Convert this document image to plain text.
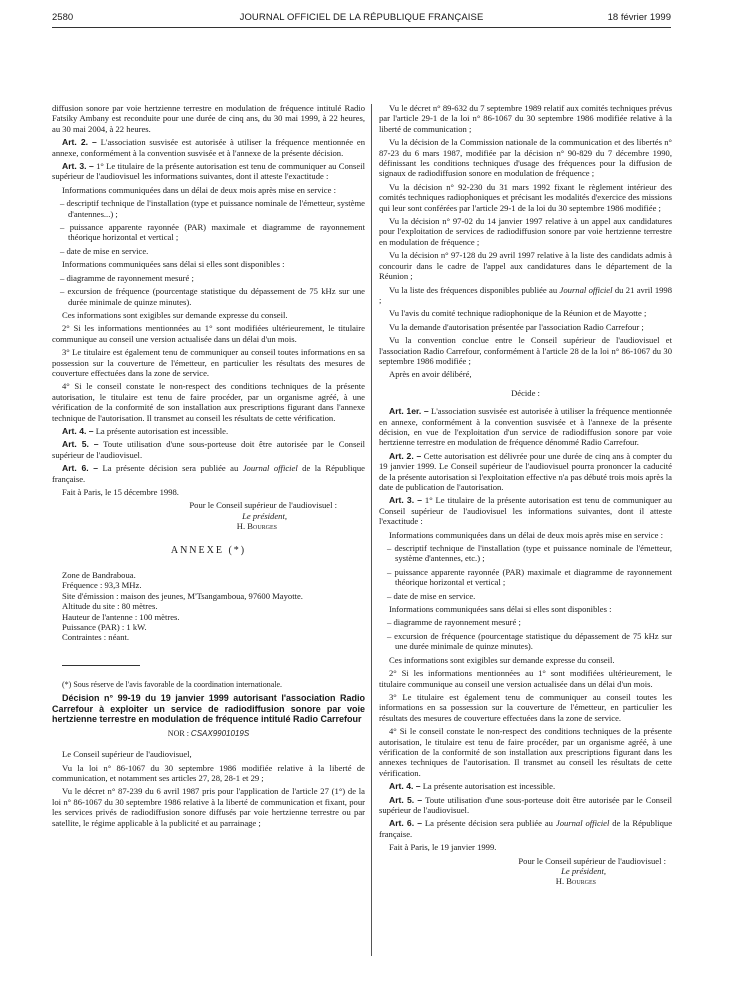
2580	JOURNAL OFFICIEL DE LA RÉPUBLIQUE FRANÇAISE	18 février 1999

diffusion sonore par voie hertzienne terrestre en modulation de fréquence intitulé Radio Fatsiky Ambany est reconduite pour une durée de cinq ans, du 30 mai 1999, à 22 heures, au 30 mai 2004, à 22 heures.

Art. 2. – L'association susvisée est autorisée à utiliser la fréquence mentionnée en annexe, conformément à la convention susvisée et à l'annexe de la présente décision.

Art. 3. – 1° Le titulaire de la présente autorisation est tenu de communiquer au Conseil supérieur de l'audiovisuel les informations suivantes, dont il atteste l'exactitude :

Informations communiquées dans un délai de deux mois après mise en service :

– descriptif technique de l'installation (type et puissance nominale de l'émetteur, système d'antennes...) ;

– puissance apparente rayonnée (PAR) maximale et diagramme de rayonnement théorique horizontal et vertical ;

– date de mise en service.

Informations communiquées sans délai si elles sont disponibles :

– diagramme de rayonnement mesuré ;

– excursion de fréquence (pourcentage statistique du dépassement de 75 kHz sur une durée minimale de quinze minutes).

Ces informations sont exigibles sur demande expresse du conseil.

2° Si les informations mentionnées au 1° sont modifiées ultérieurement, le titulaire communique au conseil une version actualisée dans un délai d'un mois.

3° Le titulaire est également tenu de communiquer au conseil toutes informations en sa possession sur la couverture de l'émetteur, en particulier les résultats des mesures de couverture effectuées dans la zone de service.

4° Si le conseil constate le non-respect des conditions techniques de la présente autorisation, le titulaire est tenu de faire procéder, par un organisme agréé, à une vérification de la conformité de son installation aux prescriptions figurant dans l'annexe technique de l'autorisation. Il transmet au conseil les résultats de cette vérification.

Art. 4. – La présente autorisation est incessible.

Art. 5. – Toute utilisation d'une sous-porteuse doit être autorisée par le Conseil supérieur de l'audiovisuel.

Art. 6. – La présente décision sera publiée au Journal officiel de la République française.

Fait à Paris, le 15 décembre 1998.

Pour le Conseil supérieur de l'audiovisuel :

Le président,

H. Bourges

ANNEXE (*)

Zone de Bandraboua.

Fréquence : 93,3 MHz.

Site d'émission : maison des jeunes, M'Tsangamboua, 97600 Mayotte.

Altitude du site : 80 mètres.

Hauteur de l'antenne : 100 mètres.

Puissance (PAR) : 1 kW.

Contraintes : néant.

(*) Sous réserve de l'avis favorable de la coordination internationale.

Décision n° 99-19 du 19 janvier 1999 autorisant l'association Radio Carrefour à exploiter un service de radiodiffusion sonore par voie hertzienne terrestre en modulation de fréquence intitulé Radio Carrefour

NOR : CSAX9901019S

Le Conseil supérieur de l'audiovisuel,

Vu la loi n° 86-1067 du 30 septembre 1986 modifiée relative à la liberté de communication, et notamment ses articles 27, 28, 28-1 et 29 ;

Vu le décret n° 87-239 du 6 avril 1987 pris pour l'application de l'article 27 (1°) de la loi n° 86-1067 du 30 septembre 1986 relative à la liberté de communication et fixant, pour les services privés de radiodiffusion sonore diffusés par voie hertzienne terrestre ou par satellite, le régime applicable à la publicité et au parrainage ;

Vu le décret n° 89-632 du 7 septembre 1989 relatif aux comités techniques prévus par l'article 29-1 de la loi n° 86-1067 du 30 septembre 1986 modifiée relative à la liberté de communication ;

Vu la décision de la Commission nationale de la communication et des libertés n° 87-23 du 6 mars 1987, modifiée par la décision n° 90-829 du 7 décembre 1990, définissant les conditions techniques d'usage des fréquences pour la diffusion de signaux de radiodiffusion sonore en modulation de fréquence ;

Vu la décision n° 92-230 du 31 mars 1992 fixant le règlement intérieur des comités techniques radiophoniques et précisant les modalités d'exercice des missions qui leur sont conférées par l'article 29-1 de la loi du 30 septembre 1986 modifiée ;

Vu la décision n° 97-02 du 14 janvier 1997 relative à un appel aux candidatures pour l'exploitation de services de radiodiffusion sonore par voie hertzienne terrestre en modulation de fréquence ;

Vu la décision n° 97-128 du 29 avril 1997 relative à la liste des candidats admis à concourir dans le cadre de l'appel aux candidatures dans le département de la Réunion ;

Vu la liste des fréquences disponibles publiée au Journal officiel du 21 avril 1998 ;

Vu l'avis du comité technique radiophonique de la Réunion et de Mayotte ;

Vu la demande d'autorisation présentée par l'association Radio Carrefour ;

Vu la convention conclue entre le Conseil supérieur de l'audiovisuel et l'association Radio Carrefour, conformément à l'article 28 de la loi n° 86-1067 du 30 septembre 1986 modifiée ;

Après en avoir délibéré,

Décide :

Art. 1er. – L'association susvisée est autorisée à utiliser la fréquence mentionnée en annexe, conformément à la convention susvisée et à l'annexe de la présente décision, en vue de l'exploitation d'un service de radiodiffusion sonore par voie hertzienne terrestre en modulation de fréquence dénommé Radio Carrefour.

Art. 2. – Cette autorisation est délivrée pour une durée de cinq ans à compter du 19 janvier 1999. Le Conseil supérieur de l'audiovisuel pourra prononcer la caducité de la présente autorisation si l'exploitation effective n'a pas débuté trois mois après la date de publication de l'autorisation.

Art. 3. – 1° Le titulaire de la présente autorisation est tenu de communiquer au Conseil supérieur de l'audiovisuel les informations suivantes, dont il atteste l'exactitude :

Informations communiquées dans un délai de deux mois après mise en service :

– descriptif technique de l'installation (type et puissance nominale de l'émetteur, système d'antennes, etc.) ;

– puissance apparente rayonnée (PAR) maximale et diagramme de rayonnement théorique horizontal et vertical ;

– date de mise en service.

Informations communiquées sans délai si elles sont disponibles :

– diagramme de rayonnement mesuré ;

– excursion de fréquence (pourcentage statistique du dépassement de 75 kHz sur une durée minimale de quinze minutes).

Ces informations sont exigibles sur demande expresse du conseil.

2° Si les informations mentionnées au 1° sont modifiées ultérieurement, le titulaire communique au conseil une version actualisée dans un délai d'un mois.

3° Le titulaire est également tenu de communiquer au conseil toutes les informations en sa possession sur la couverture de l'émetteur, en particulier les résultats des mesures de couverture effectuées dans la zone de service.

4° Si le conseil constate le non-respect des conditions techniques de la présente autorisation, le titulaire est tenu de faire procéder, par un organisme agréé, à une vérification de la conformité de son installation aux prescriptions figurant dans les annexes techniques de l'autorisation. Il transmet au conseil les résultats de cette vérification.

Art. 4. – La présente autorisation est incessible.

Art. 5. – Toute utilisation d'une sous-porteuse doit être autorisée par le Conseil supérieur de l'audiovisuel.

Art. 6. – La présente décision sera publiée au Journal officiel de la République française.

Fait à Paris, le 19 janvier 1999.

Pour le Conseil supérieur de l'audiovisuel :

Le président,

H. Bourges
